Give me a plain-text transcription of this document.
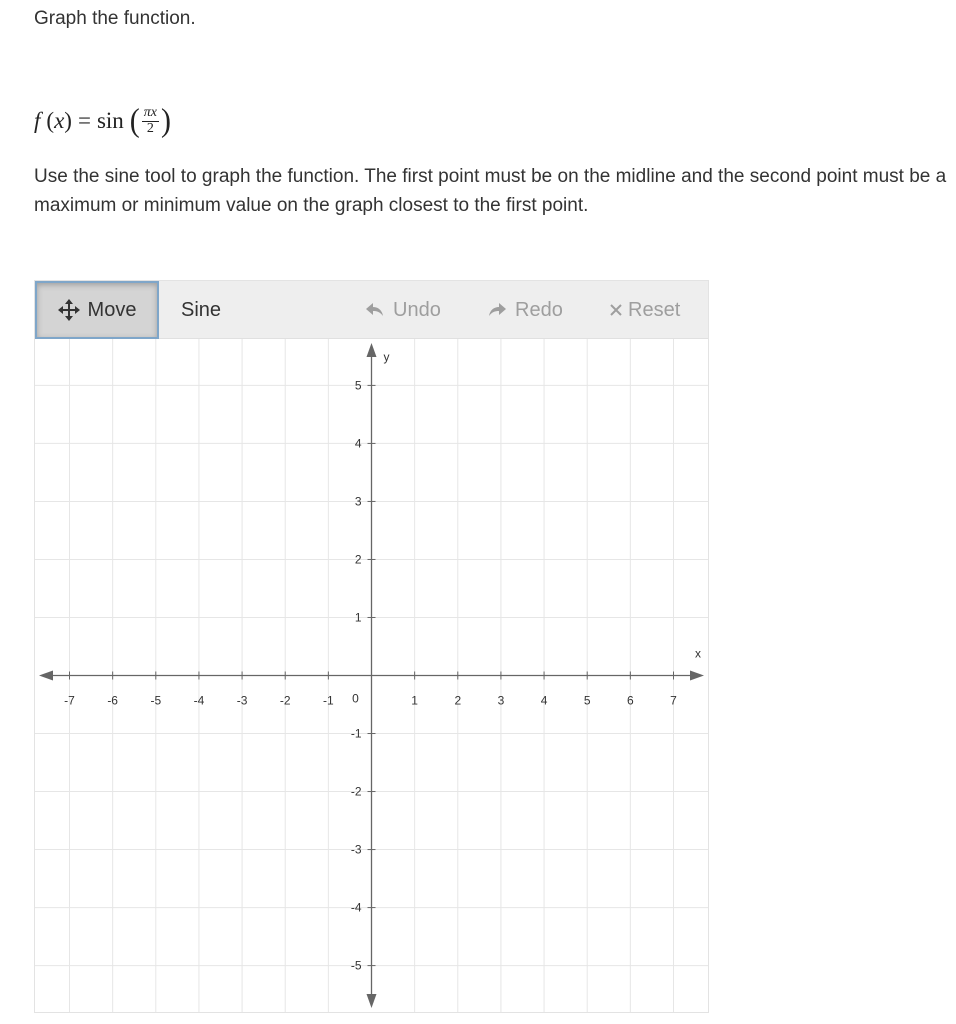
Graph the function.
f ( x ) = sin ( $\frac{\pi x}{2}$ )
Use the sine tool to graph the function. The first point must be on the midline and the second point must be a maximum or minimum value on the graph closest to the first point.
Move Sine	Undo	Redo	Reset
-7	-6	-5	-4	-3	-2	-1	1	2	3	4	5	6	7
5
4
3
2
1
-1
-2
-3
-4
-5
x
y
0
